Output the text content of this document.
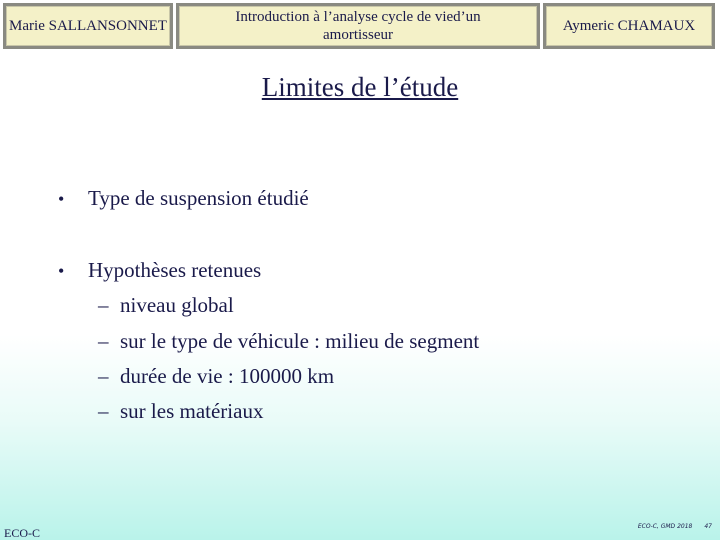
Marie SALLANSONNET
Introduction à l’analyse cycle de vied’un amortisseur
Aymeric CHAMAUX
Limites de l’étude
•	Type de suspension étudié
•	Hypothèses retenues
– niveau global
– sur le type de véhicule : milieu de segment
– durée de vie : 100000 km
– sur les matériaux
ECO-C	ECO-C, GMD 2018 47
